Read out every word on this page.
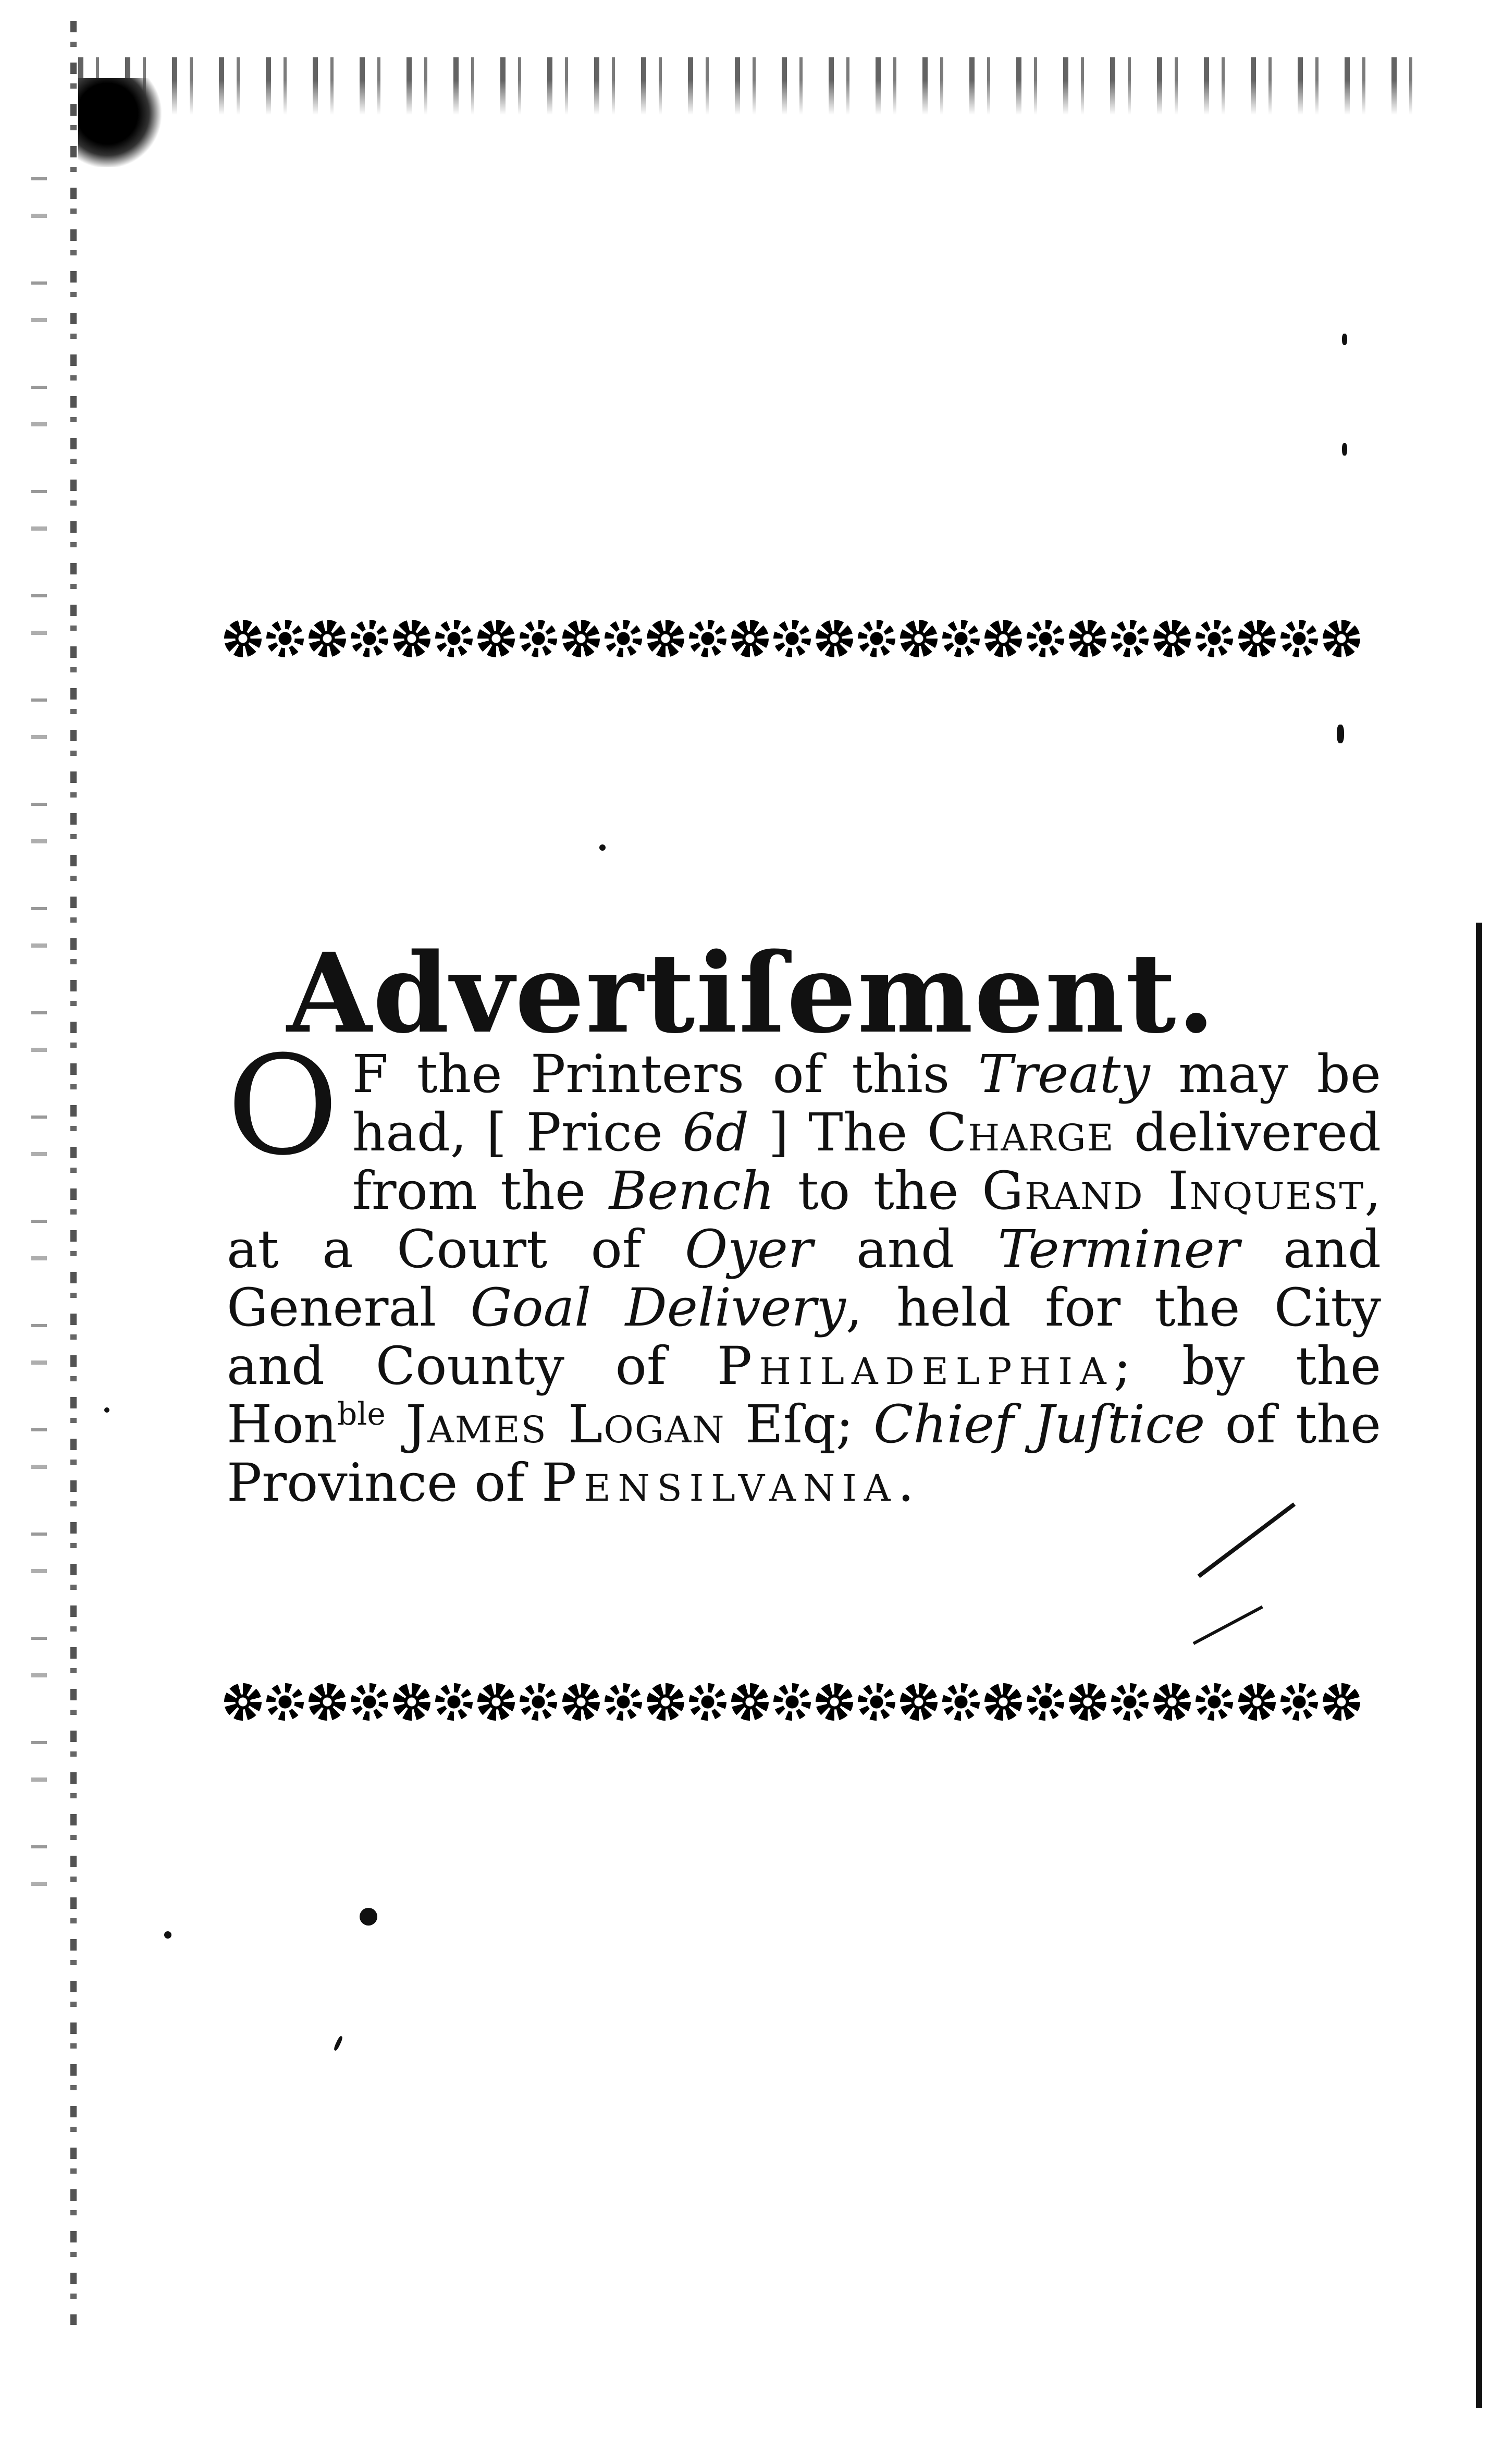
Advertiſement.

O F the Printers of this Treaty may be had, [ Price 6d ] The Charge delivered from the Bench to the Grand Inquest, at a Court of Oyer and Terminer and General Goal Delivery, held for the City and County of Philadelphia; by the Hon$^{ble}$ James Logan Eſq; Chief Juſtice of the Province of Pensilvania.
